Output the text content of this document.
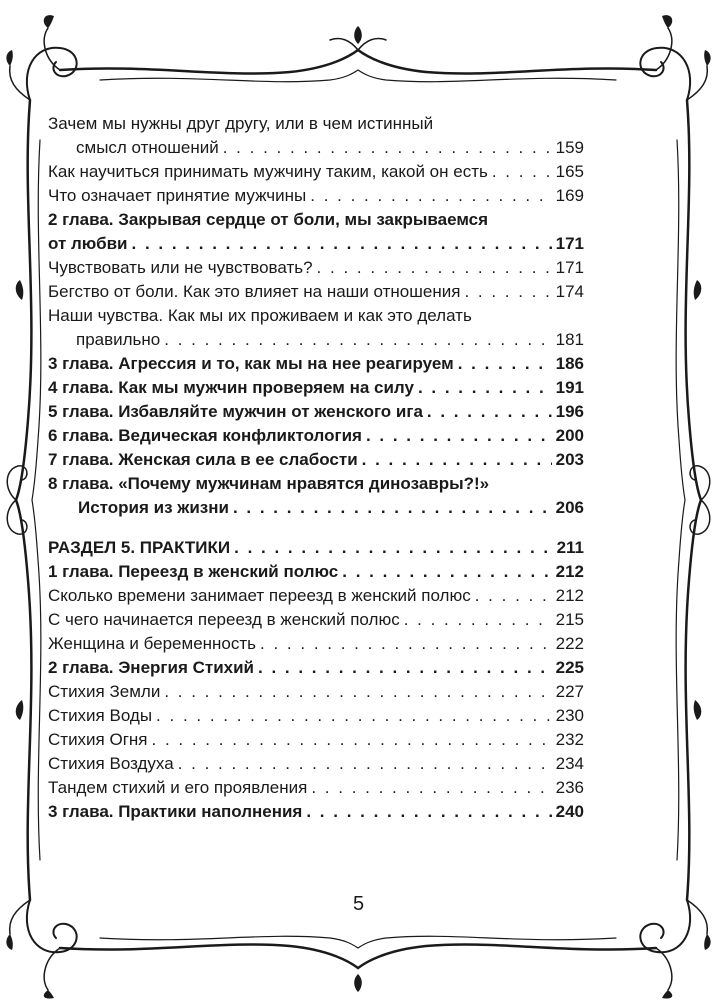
Зачем мы нужны друг другу, или в чем истинный
смысл отношений . . .	159
Как научиться принимать мужчину таким, какой он есть . . .	165
Что означает принятие мужчины . . .	169
2 глава. Закрывая сердце от боли, мы закрываемся
от любви . . .	171
Чувствовать или не чувствовать? . . .	171
Бегство от боли. Как это влияет на наши отношения . . .	174
Наши чувства. Как мы их проживаем и как это делать
правильно . . .	181
3 глава. Агрессия и то, как мы на нее реагируем . . .	186
4 глава. Как мы мужчин проверяем на силу . . .	191
5 глава. Избавляйте мужчин от женского ига . . .	196
6 глава. Ведическая конфликтология . . .	200
7 глава. Женская сила в ее слабости . . .	203
8 глава. «Почему мужчинам нравятся динозавры?!»
История из жизни . . .	206
РАЗДЕЛ 5. ПРАКТИКИ . . .	211
1 глава. Переезд в женский полюс . . .	212
Сколько времени занимает переезд в женский полюс . . .	212
С чего начинается переезд в женский полюс . . .	215
Женщина и беременность . . .	222
2 глава. Энергия Стихий . . .	225
Стихия Земли . . .	227
Стихия Воды . . .	230
Стихия Огня . . .	232
Стихия Воздуха . . .	234
Тандем стихий и его проявления . . .	236
3 глава. Практики наполнения . . .	240
5
